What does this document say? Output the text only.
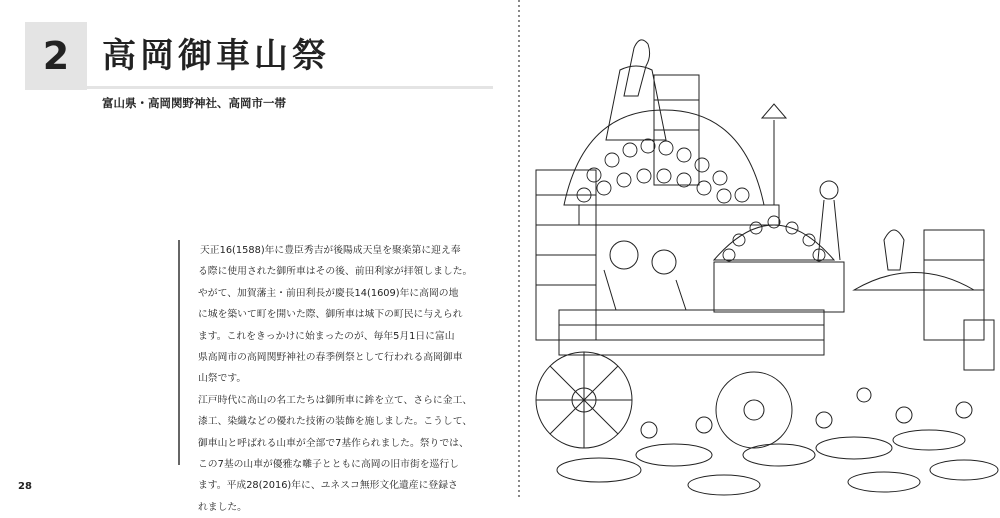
2 高岡御車山祭
富山県・高岡関野神社、高岡市一帯

天正16(1588)年に豊臣秀吉が後陽成天皇を聚楽第に迎え奉

る際に使用された御所車はその後、前田利家が拝領しました。

やがて、加賀藩主・前田利長が慶長14(1609)年に高岡の地

に城を築いて町を開いた際、御所車は城下の町民に与えられ

ます。これをきっかけに始まったのが、毎年5月1日に富山

県高岡市の高岡関野神社の春季例祭として行われる高岡御車

山祭です。

江戸時代に高山の名工たちは御所車に鉾を立て、さらに金工、

漆工、染織などの優れた技術の装飾を施しました。こうして、

御車山と呼ばれる山車が全部で7基作られました。祭りでは、

この7基の山車が優雅な囃子とともに高岡の旧市街を巡行し

ます。平成28(2016)年に、ユネスコ無形文化遺産に登録さ

れました。

28
